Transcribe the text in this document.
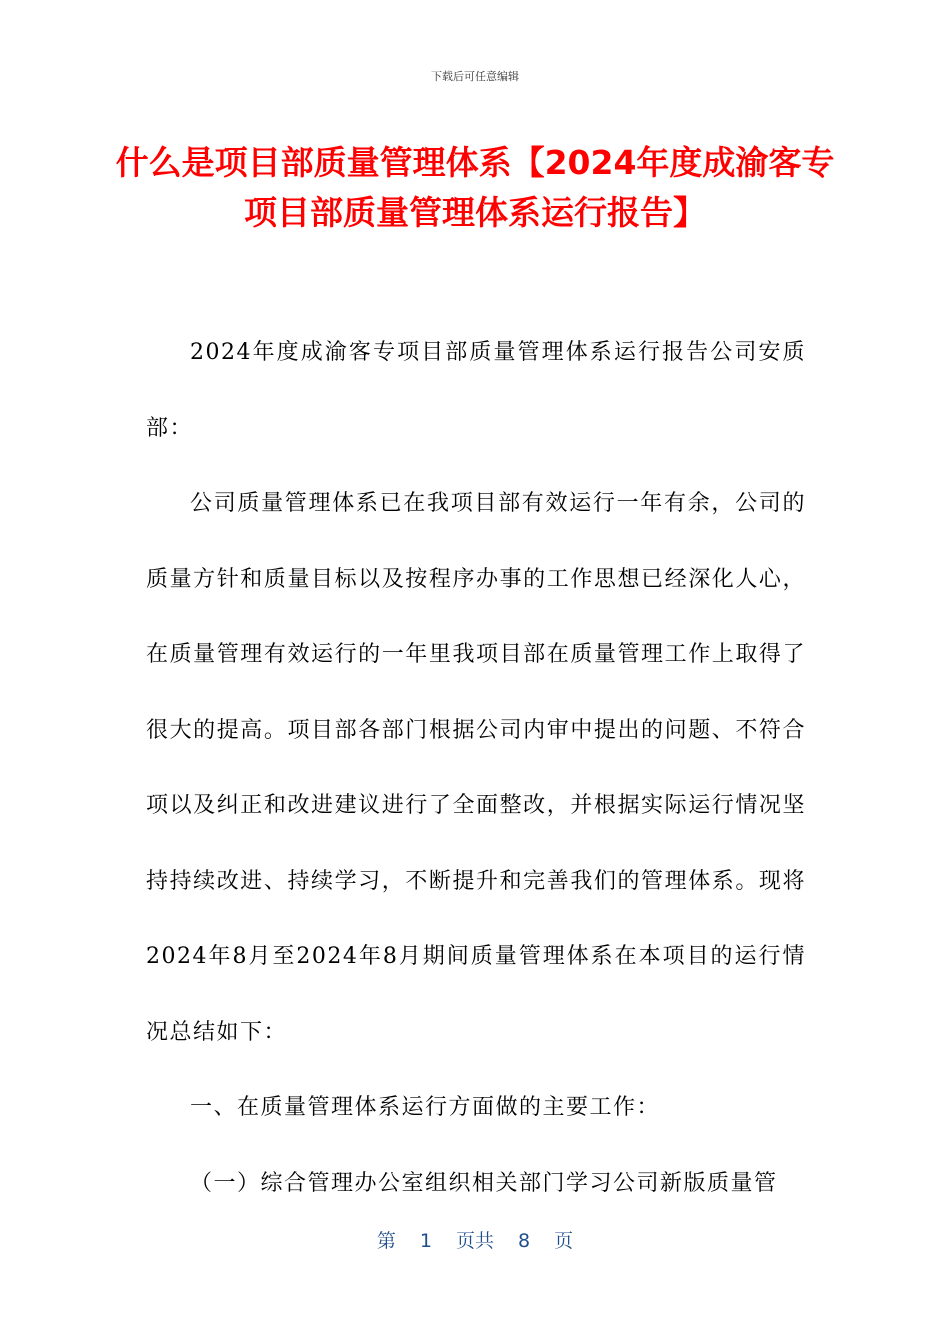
下载后可任意编辑
什么是项目部质量管理体系【2024年度成渝客专项目部质量管理体系运行报告】

2024年度成渝客专项目部质量管理体系运行报告公司安质部：

公司质量管理体系已在我项目部有效运行一年有余，公司的质量方针和质量目标以及按程序办事的工作思想已经深化人心，在质量管理有效运行的一年里我项目部在质量管理工作上取得了很大的提高。项目部各部门根据公司内审中提出的问题、不符合项以及纠正和改进建议进行了全面整改，并根据实际运行情况坚持持续改进、持续学习，不断提升和完善我们的管理体系。现将2024年8月至2024年8月期间质量管理体系在本项目的运行情况总结如下：

一、在质量管理体系运行方面做的主要工作：

（一）综合管理办公室组织相关部门学习公司新版质量管

第 1 页共 8 页
